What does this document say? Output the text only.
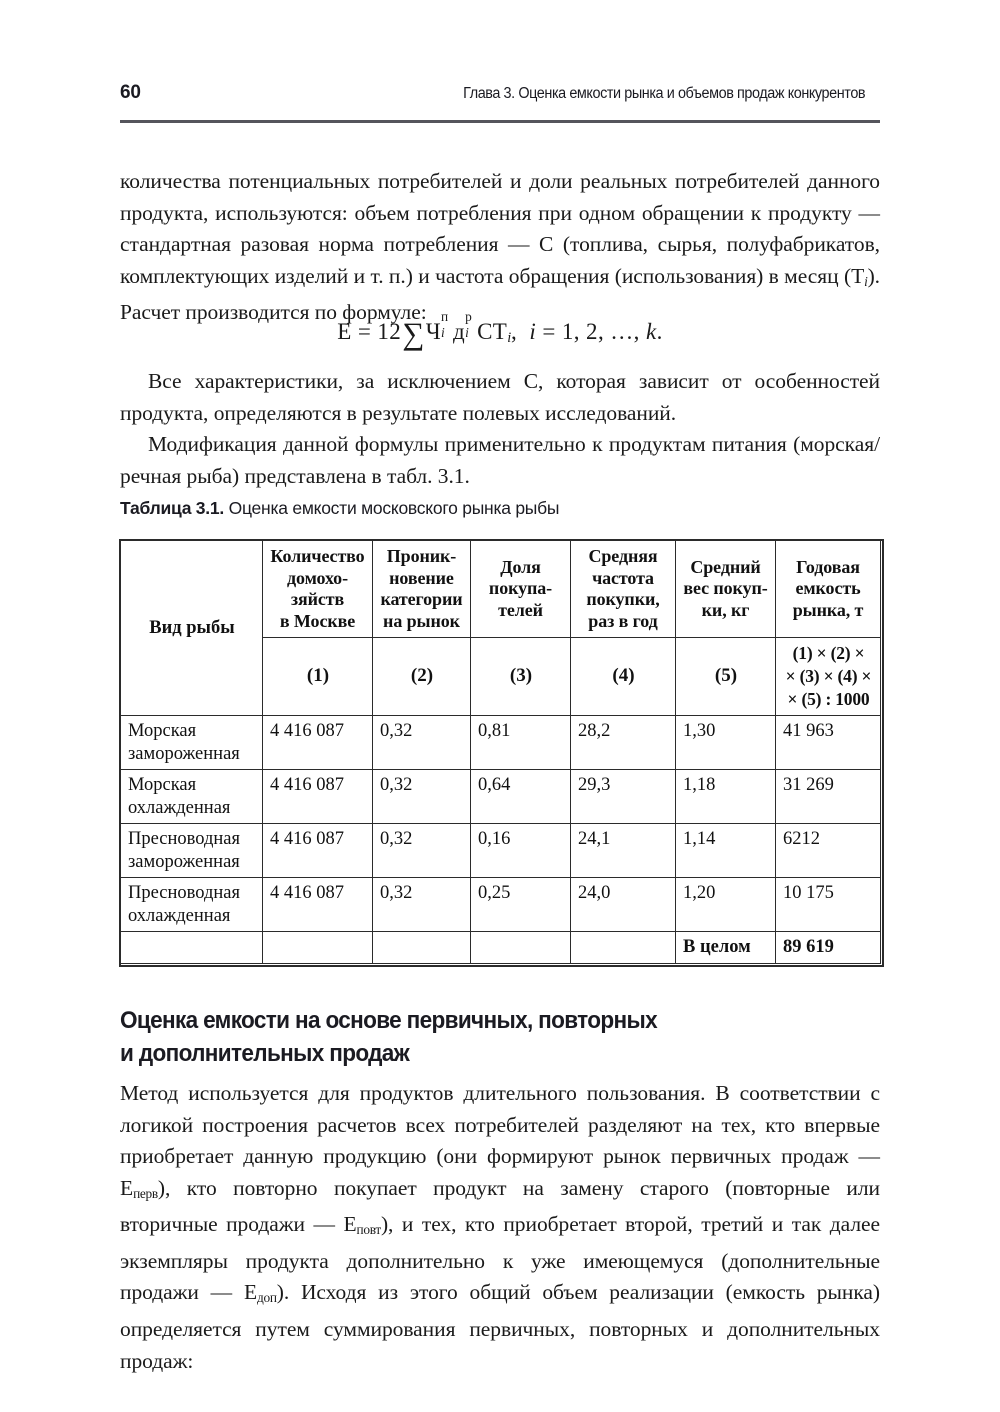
60	Глава 3. Оценка емкости рынка и объемов продаж конкурентов
количества потенциальных потребителей и доли реальных потребителей данного продукта, используются: объем потребления при одном обращении к продукту — стандартная разовая норма потребления — С (топлива, сырья, полуфабрикатов, комплектующих изделий и т. п.) и частота обращения (использования) в месяц $(Т_i)$. Расчет производится по формуле:
E = 12∑Ч
п
i д
р
i $СТ_i$,  i = 1, 2, …, k.
Все характеристики, за исключением С, которая зависит от особенностей продукта, определяются в результате полевых исследований.
Модификация данной формулы применительно к продуктам питания (морская/речная рыба) представлена в табл. 3.1.
Таблица 3.1. Оценка емкости московского рынка рыбы
Вид рыбы	Количество
домохо-
зяйств
в Москве	Проник-
новение
категории
на рынок	Доля
покупа-
телей	Средняя
частота
покупки,
раз в год	Средний
вес покуп-
ки, кг	Годовая
емкость
рынка, т
	(1)	(2)	(3)	(4)	(5)	(1) × (2) ×
× (3) × (4) ×
× (5) : 1000
Морская
замороженная	4 416 087	0,32	0,81	28,2	1,30	41 963
Морская
охлажденная	4 416 087	0,32	0,64	29,3	1,18	31 269
Пресноводная
замороженная	4 416 087	0,32	0,16	24,1	1,14	6212
Пресноводная
охлажденная	4 416 087	0,32	0,25	24,0	1,20	10 175
					В целом	89 619
Оценка емкости на основе первичных, повторных
и дополнительных продаж
Метод используется для продуктов длительного пользования. В соответствии с логикой построения расчетов всех потребителей разделяют на тех, кто впервые приобретает данную продукцию (они формируют рынок первичных продаж — $Е_{перв}$), кто повторно покупает продукт на замену старого (повторные или вторичные продажи — $Е_{повт}$), и тех, кто приобретает второй, третий и так далее экземпляры продукта дополнительно к уже имеющемуся (дополнительные продажи — $Е_{доп}$). Исходя из этого общий объем реализации (емкость рынка) определяется путем суммирования первичных, повторных и дополнительных продаж:
